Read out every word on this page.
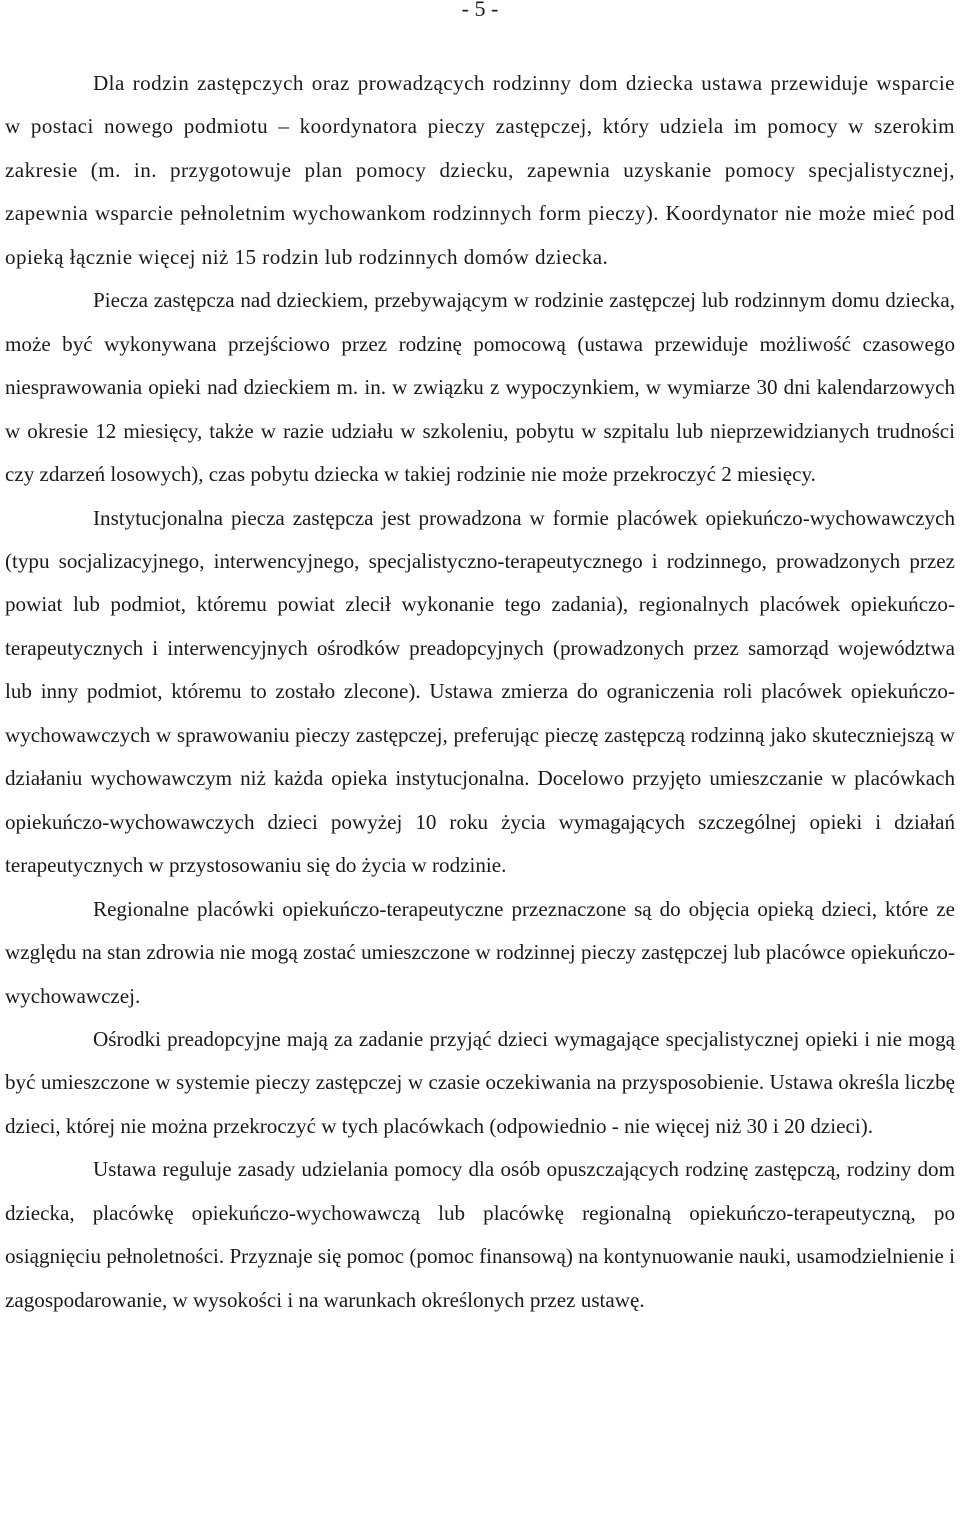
- 5 -

Dla rodzin zastępczych oraz prowadzących rodzinny dom dziecka ustawa przewiduje wsparcie w postaci nowego podmiotu – koordynatora pieczy zastępczej, który udziela im pomocy w szerokim zakresie (m. in. przygotowuje plan pomocy dziecku, zapewnia uzyskanie pomocy specjalistycznej, zapewnia wsparcie pełnoletnim wychowankom rodzinnych form pieczy). Koordynator nie może mieć pod opieką łącznie więcej niż 15 rodzin lub rodzinnych domów dziecka.

Piecza zastępcza nad dzieckiem, przebywającym w rodzinie zastępczej lub rodzinnym domu dziecka, może być wykonywana przejściowo przez rodzinę pomocową (ustawa przewiduje możliwość czasowego niesprawowania opieki nad dzieckiem m. in. w związku z wypoczynkiem, w wymiarze 30 dni kalendarzowych w okresie 12 miesięcy, także w razie udziału w szkoleniu, pobytu w szpitalu lub nieprzewidzianych trudności czy zdarzeń losowych), czas pobytu dziecka w takiej rodzinie nie może przekroczyć 2 miesięcy.

Instytucjonalna piecza zastępcza jest prowadzona w formie placówek opiekuńczo-wychowawczych (typu socjalizacyjnego, interwencyjnego, specjalistyczno-terapeutycznego i rodzinnego, prowadzonych przez powiat lub podmiot, któremu powiat zlecił wykonanie tego zadania), regionalnych placówek opiekuńczo-terapeutycznych i interwencyjnych ośrodków preadopcyjnych (prowadzonych przez samorząd województwa lub inny podmiot, któremu to zostało zlecone). Ustawa zmierza do ograniczenia roli placówek opiekuńczo-wychowawczych w sprawowaniu pieczy zastępczej, preferując pieczę zastępczą rodzinną jako skuteczniejszą w działaniu wychowawczym niż każda opieka instytucjonalna. Docelowo przyjęto umieszczanie w placówkach opiekuńczo-wychowawczych dzieci powyżej 10 roku życia wymagających szczególnej opieki i działań terapeutycznych w przystosowaniu się do życia w rodzinie.

Regionalne placówki opiekuńczo-terapeutyczne przeznaczone są do objęcia opieką dzieci, które ze względu na stan zdrowia nie mogą zostać umieszczone w rodzinnej pieczy zastępczej lub placówce opiekuńczo-wychowawczej.

Ośrodki preadopcyjne mają za zadanie przyjąć dzieci wymagające specjalistycznej opieki i nie mogą być umieszczone w systemie pieczy zastępczej w czasie oczekiwania na przysposobienie. Ustawa określa liczbę dzieci, której nie można przekroczyć w tych placówkach (odpowiednio - nie więcej niż 30 i 20 dzieci).

Ustawa reguluje zasady udzielania pomocy dla osób opuszczających rodzinę zastępczą, rodziny dom dziecka, placówkę opiekuńczo-wychowawczą lub placówkę regionalną opiekuńczo-terapeutyczną, po osiągnięciu pełnoletności. Przyznaje się pomoc (pomoc finansową) na kontynuowanie nauki, usamodzielnienie i zagospodarowanie, w wysokości i na warunkach określonych przez ustawę.
